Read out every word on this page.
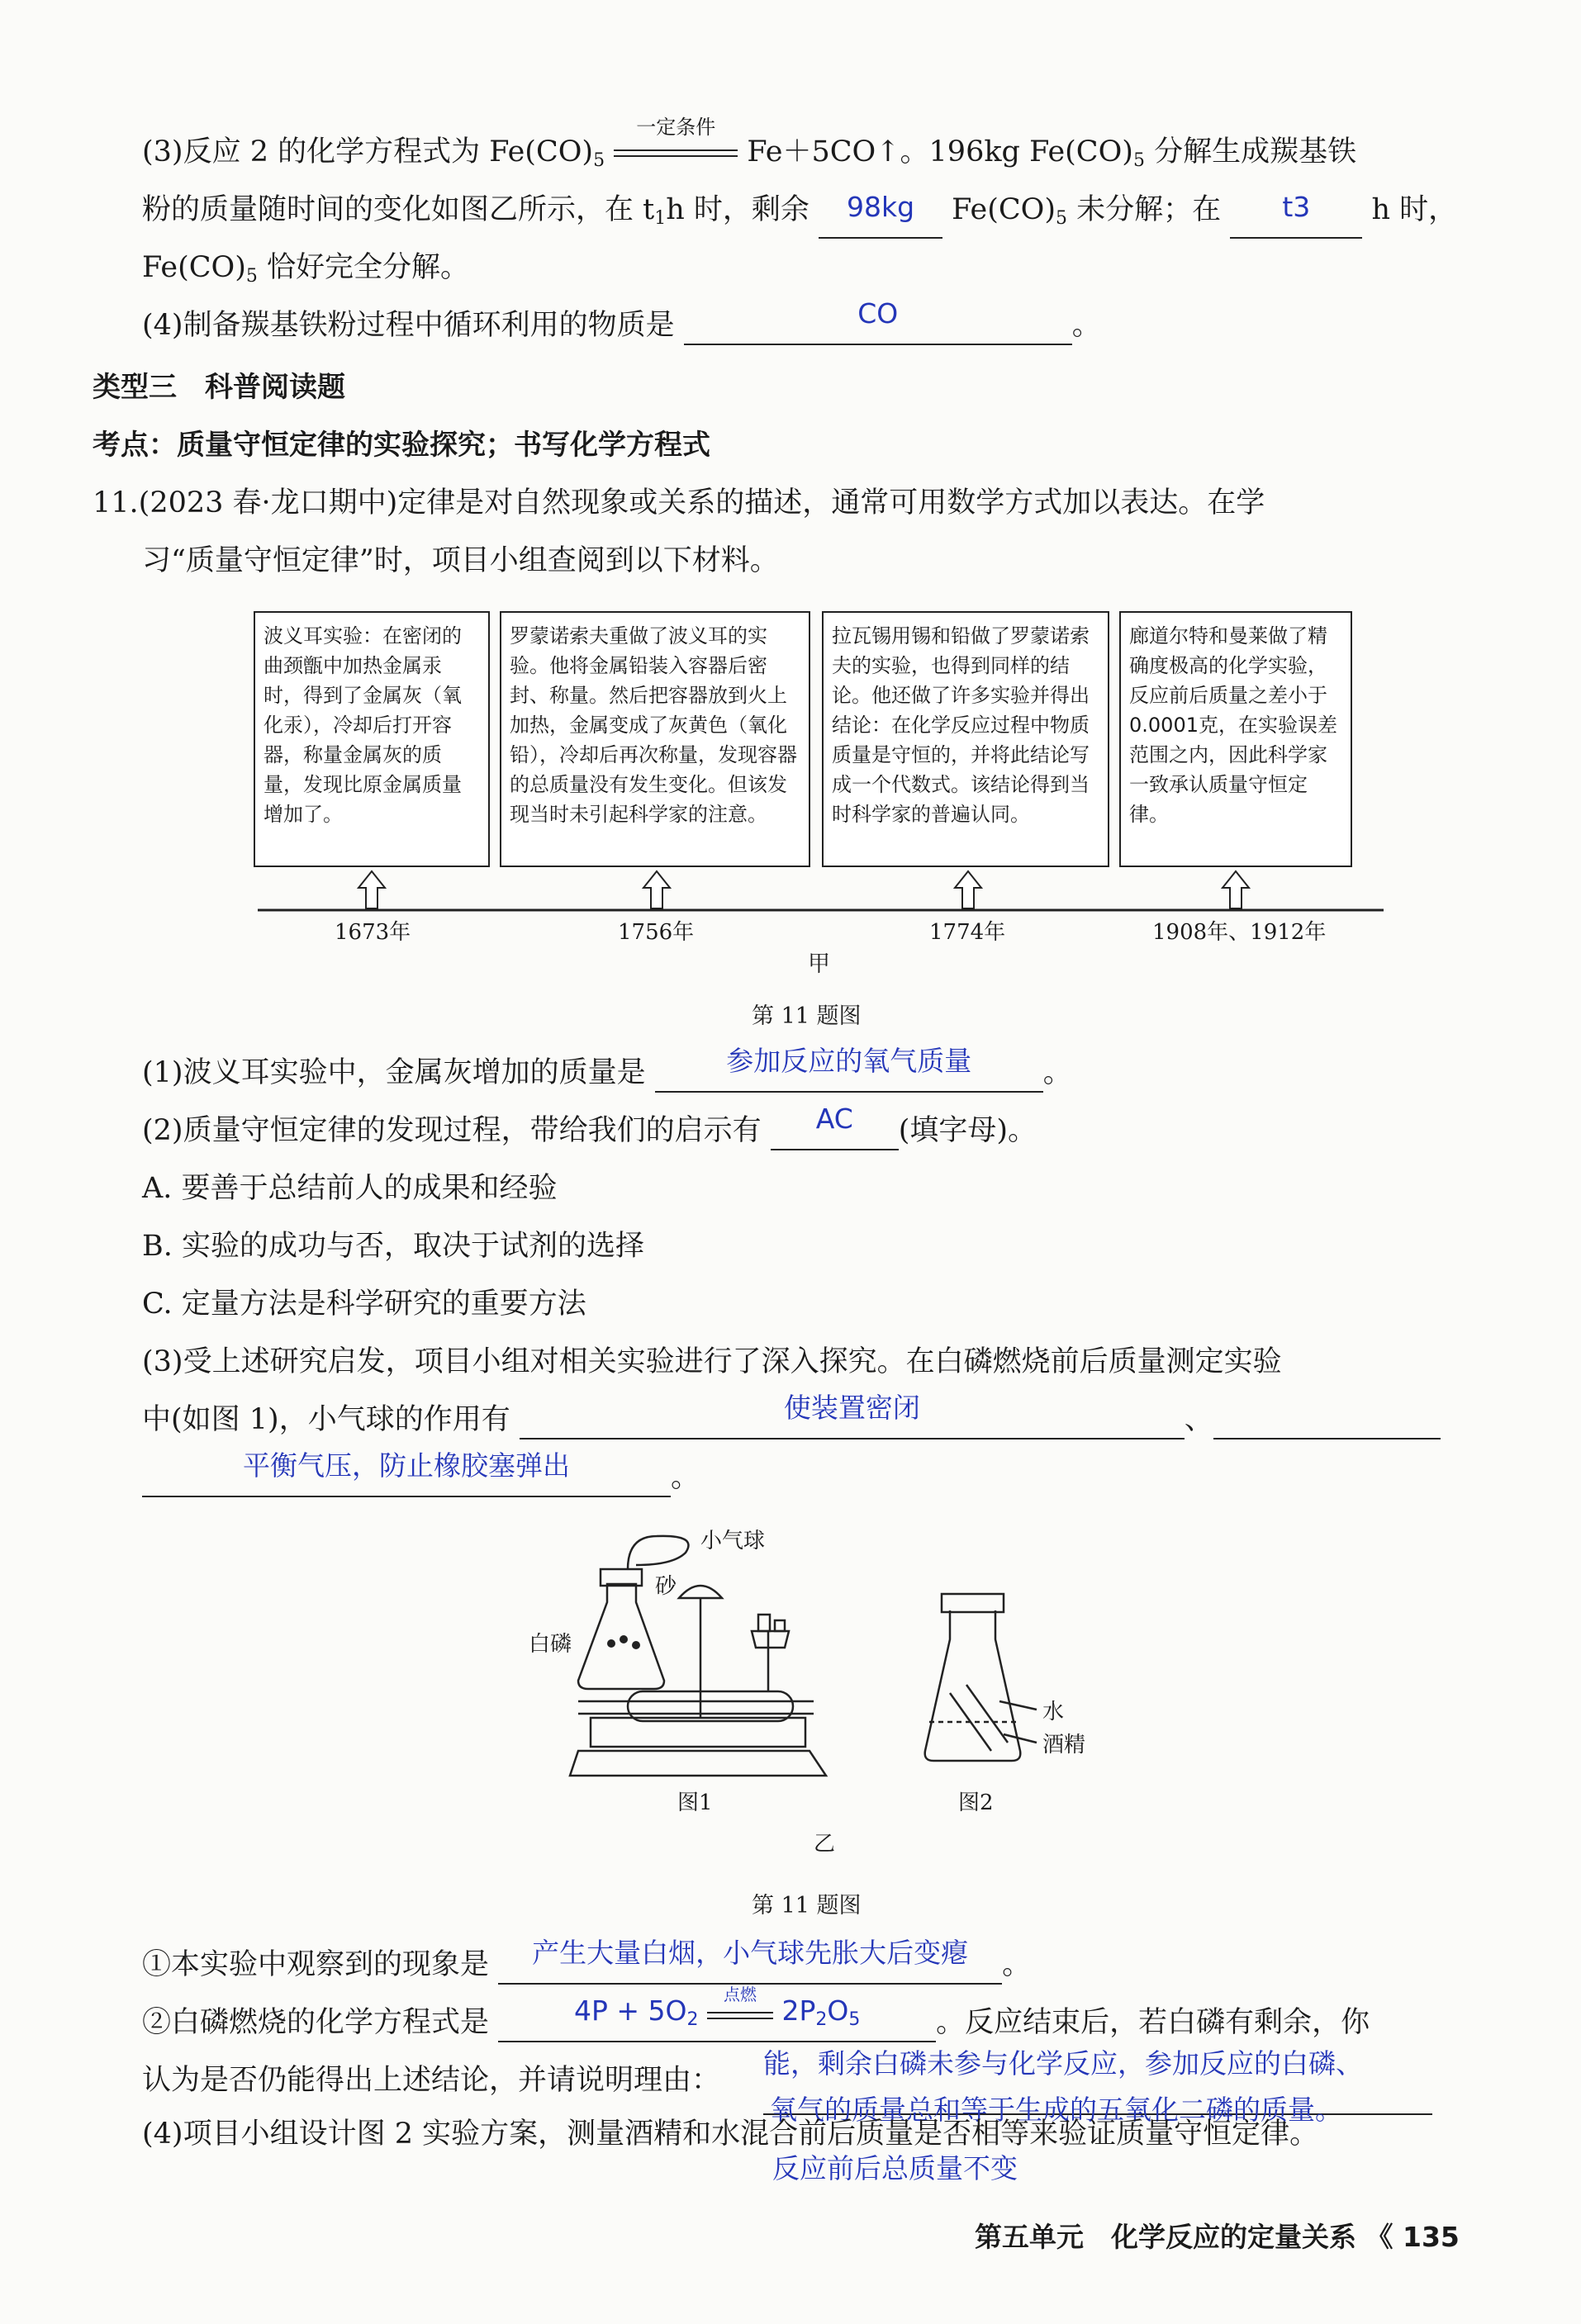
(3)反应 2 的化学方程式为 $Fe(CO)_5$
一定条件
Fe＋5CO↑。196kg $Fe(CO)_5$ 分解生成羰基铁
粉的质量随时间的变化如图乙所示，在 $t_1h$ 时，剩余	98kg	$Fe(CO)_5$ 未分解；在	t3	h 时，
$Fe(CO)_5$ 恰好完全分解。
(4)制备羰基铁粉过程中循环利用的物质是	CO	。
类型三　科普阅读题
考点：质量守恒定律的实验探究；书写化学方程式
11.(2023 春·龙口期中)定律是对自然现象或关系的描述，通常可用数学方式加以表达。在学
习“质量守恒定律”时，项目小组查阅到以下材料。
波义耳实验：在密闭的曲颈甑中加热金属汞时，得到了金属灰（氧化汞），冷却后打开容器，称量金属灰的质量，发现比原金属质量增加了。
罗蒙诺索夫重做了波义耳的实验。他将金属铅装入容器后密封、称量。然后把容器放到火上加热，金属变成了灰黄色（氧化铅），冷却后再次称量，发现容器的总质量没有发生变化。但该发现当时未引起科学家的注意。
拉瓦锡用锡和铅做了罗蒙诺索夫的实验，也得到同样的结论。他还做了许多实验并得出结论：在化学反应过程中物质质量是守恒的，并将此结论写成一个代数式。该结论得到当时科学家的普遍认同。
廊道尔特和曼莱做了精确度极高的化学实验，反应前后质量之差小于0.0001克，在实验误差范围之内，因此科学家一致承认质量守恒定律。
1673年	1756年	1774年	1908年、1912年
甲
第 11 题图
(1)波义耳实验中，金属灰增加的质量是	参加反应的氧气质量	。
(2)质量守恒定律的发现过程，带给我们的启示有	AC	(填字母)。
A. 要善于总结前人的成果和经验
B. 实验的成功与否，取决于试剂的选择
C. 定量方法是科学研究的重要方法
(3)受上述研究启发，项目小组对相关实验进行了深入探究。在白磷燃烧前后质量测定实验
中(如图 1)，小气球的作用有	使装置密闭	、
平衡气压，防止橡胶塞弹出	。
小气球
砂
白磷
水
酒精
图1	图2
乙
第 11 题图
①本实验中观察到的现象是	产生大量白烟，小气球先胀大后变瘪	。
②白磷燃烧的化学方程式是	$4P + 5O_2$
点燃 $2P_2O_5$	。反应结束后，若白磷有剩余，你
认为是否仍能得出上述结论，并请说明理由：
能，剩余白磷未参与化学反应，参加反应的白磷、
氧气的质量总和等于生成的五氧化二磷的质量。
(4)项目小组设计图 2 实验方案，测量酒精和水混合前后质量是否相等来验证质量守恒定律。
反应前后总质量不变
第五单元　化学反应的定量关系 《 135
